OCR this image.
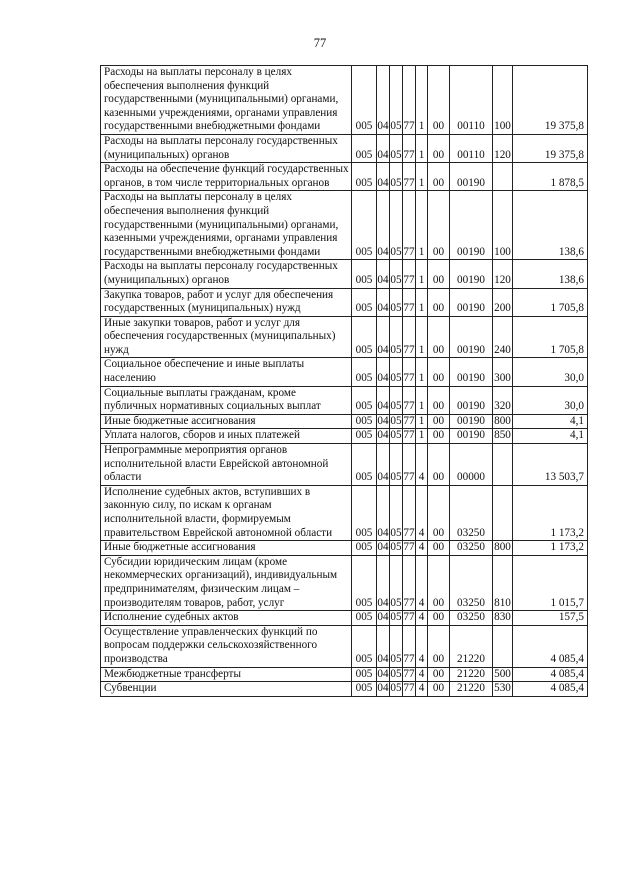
77
Расходы на выплаты персоналу в целях обеспечения выполнения функций государственными (муниципальными) органами, казенными учреждениями, органами управления государственными внебюджетными фондами	005	04	05	77	1	00	00110	100	19 375,8
Расходы на выплаты персоналу государственных (муниципальных) органов	005	04	05	77	1	00	00110	120	19 375,8
Расходы на обеспечение функций государственных органов, в том числе территориальных органов	005	04	05	77	1	00	00190		1 878,5
Расходы на выплаты персоналу в целях обеспечения выполнения функций государственными (муниципальными) органами, казенными учреждениями, органами управления государственными внебюджетными фондами	005	04	05	77	1	00	00190	100	138,6
Расходы на выплаты персоналу государственных (муниципальных) органов	005	04	05	77	1	00	00190	120	138,6
Закупка товаров, работ и услуг для обеспечения государственных (муниципальных) нужд	005	04	05	77	1	00	00190	200	1 705,8
Иные закупки товаров, работ и услуг для обеспечения государственных (муниципальных) нужд	005	04	05	77	1	00	00190	240	1 705,8
Социальное обеспечение и иные выплаты населению	005	04	05	77	1	00	00190	300	30,0
Социальные выплаты гражданам, кроме публичных нормативных социальных выплат	005	04	05	77	1	00	00190	320	30,0
Иные бюджетные ассигнования	005	04	05	77	1	00	00190	800	4,1
Уплата налогов, сборов и иных платежей	005	04	05	77	1	00	00190	850	4,1
Непрограммные мероприятия органов исполнительной власти Еврейской автономной области	005	04	05	77	4	00	00000		13 503,7
Исполнение судебных актов, вступивших в законную силу, по искам к органам исполнительной власти, формируемым правительством Еврейской автономной области	005	04	05	77	4	00	03250		1 173,2
Иные бюджетные ассигнования	005	04	05	77	4	00	03250	800	1 173,2
Субсидии юридическим лицам (кроме некоммерческих организаций), индивидуальным предпринимателям, физическим лицам – производителям товаров, работ, услуг	005	04	05	77	4	00	03250	810	1 015,7
Исполнение судебных актов	005	04	05	77	4	00	03250	830	157,5
Осуществление управленческих функций по вопросам поддержки сельскохозяйственного производства	005	04	05	77	4	00	21220		4 085,4
Межбюджетные трансферты	005	04	05	77	4	00	21220	500	4 085,4
Субвенции	005	04	05	77	4	00	21220	530	4 085,4
